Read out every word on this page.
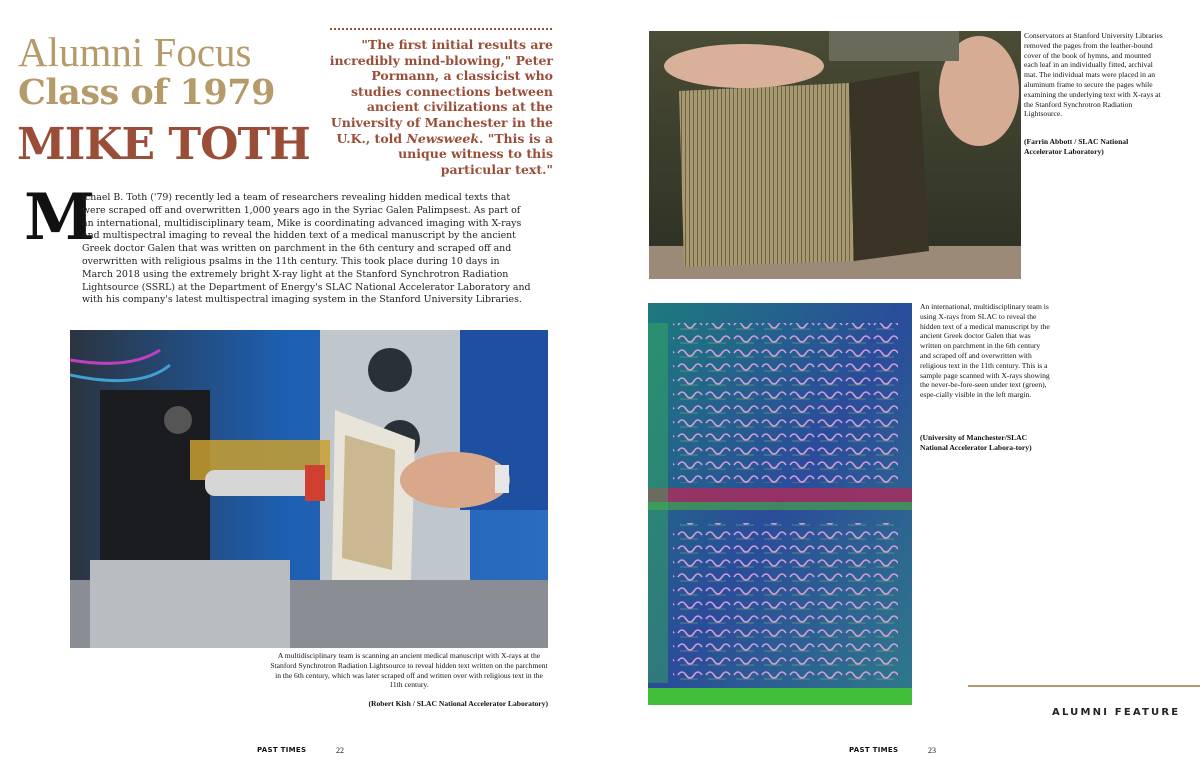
Alumni Focus
Class of 1979
MIKE TOTH
"The first initial results are incredibly mind-blowing," Peter Pormann, a classicist who studies connections between ancient civilizations at the University of Manchester in the U.K., told Newsweek. "This is a unique witness to this particular text."
M
ichael B. Toth ('79) recently led a team of researchers revealing hidden medical texts that
were scraped off and overwritten 1,000 years ago in the Syriac Galen Palimpsest. As part of an international, multidisciplinary team, Mike is coordinating advanced imaging with X-rays and multispectral imaging to reveal the hidden text of a medical manuscript by the ancient Greek doctor Galen that was written on parchment in the 6th century and scraped off and overwritten with religious psalms in the 11th century. This took place during 10 days in March 2018 using the extremely bright X-ray light at the Stanford Synchrotron Radiation Lightsource (SSRL) at the Department of Energy's SLAC National Accelerator Laboratory and with his company's latest multispectral imaging system in the Stanford University Libraries.
A multidisciplinary team is scanning an ancient medical manuscript with X-rays at the Stanford Synchrotron Radiation Lightsource to reveal hidden text written on the parchment in the 6th century, which was later scraped off and written over with religious text in the 11th century.
(Robert Kish / SLAC National Accelerator Laboratory)
Conservators at Stanford University Libraries removed the pages from the leather-bound cover of the book of hymns, and mounted each leaf in an individually fitted, archival mat. The individual mats were placed in an aluminum frame to secure the pages while examining the underlying text with X-rays at the Stanford Synchrotron Radiation Lightsource.
(Farrin Abbott / SLAC National Accelerator Laboratory)
An international, multidisciplinary team is using X-rays from SLAC to reveal the hidden text of a medical manuscript by the ancient Greek doctor Galen that was written on parchment in the 6th century and scraped off and overwritten with religious text in the 11th century. This is a sample page scanned with X-rays showing the never-be-fore-seen under text (green), espe-cially visible in the left margin.
(University of Manchester/SLAC National Accelerator Labora-tory)
ALUMNI FEATURE
PAST TIMES	22	PAST TIMES	23
